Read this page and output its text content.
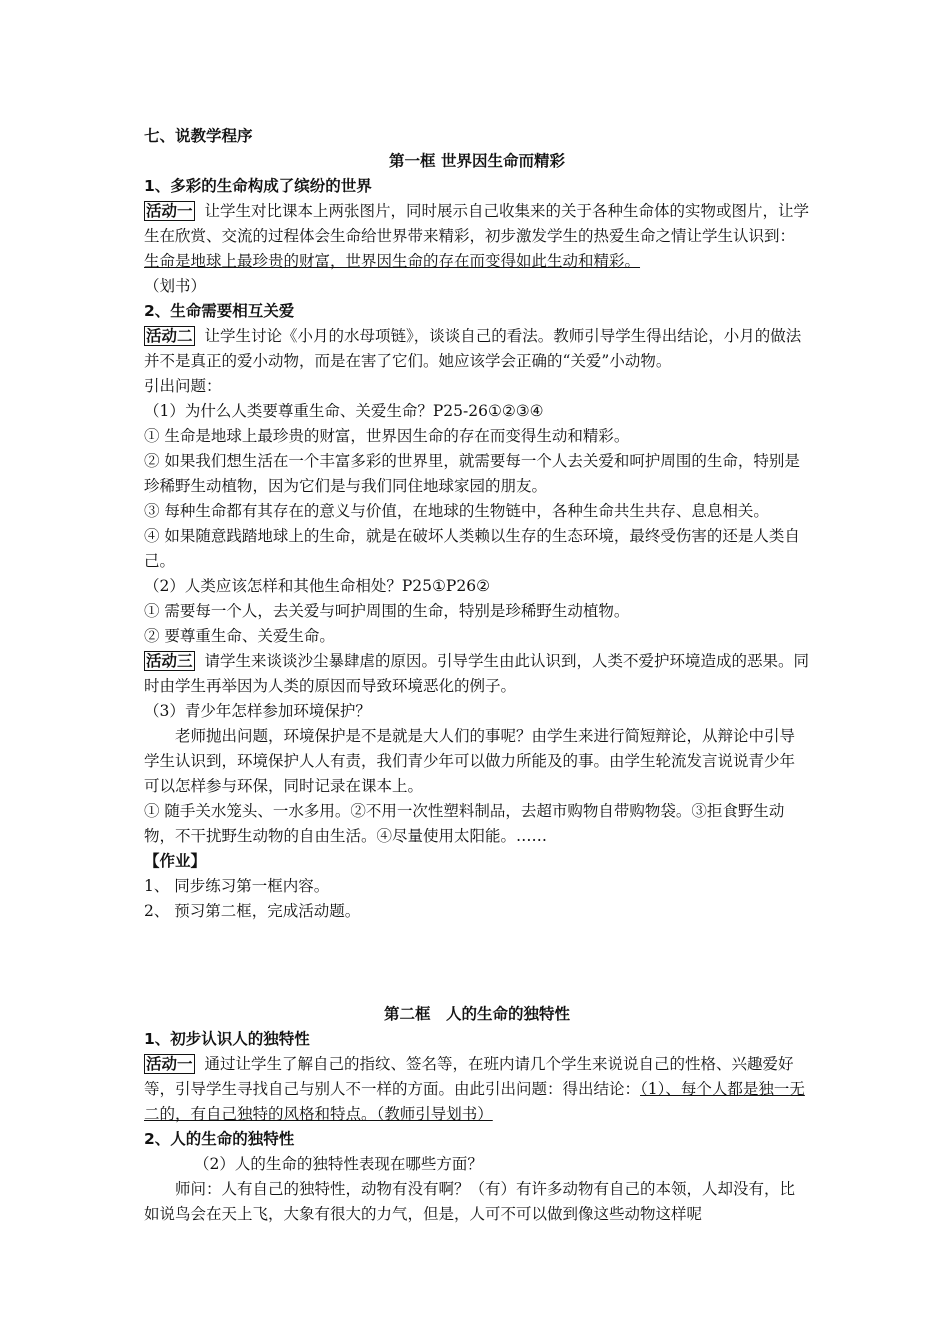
七、说教学程序

第一框 世界因生命而精彩

1、多彩的生命构成了缤纷的世界

活动一 让学生对比课本上两张图片，同时展示自己收集来的关于各种生命体的实物或图片，让学生在欣赏、交流的过程体会生命给世界带来精彩，初步激发学生的热爱生命之情让学生认识到：生命是地球上最珍贵的财富，世界因生命的存在而变得如此生动和精彩。

（划书）

2、生命需要相互关爱

活动二 让学生讨论《小月的水母项链》，谈谈自己的看法。教师引导学生得出结论，小月的做法并不是真正的爱小动物，而是在害了它们。她应该学会正确的“关爱”小动物。

引出问题：

（1）为什么人类要尊重生命、关爱生命？P25-26①②③④

① 生命是地球上最珍贵的财富，世界因生命的存在而变得生动和精彩。

② 如果我们想生活在一个丰富多彩的世界里，就需要每一个人去关爱和呵护周围的生命，特别是珍稀野生动植物，因为它们是与我们同住地球家园的朋友。

③ 每种生命都有其存在的意义与价值，在地球的生物链中，各种生命共生共存、息息相关。

④ 如果随意践踏地球上的生命，就是在破坏人类赖以生存的生态环境，最终受伤害的还是人类自己。

（2）人类应该怎样和其他生命相处？P25①P26②

① 需要每一个人，去关爱与呵护周围的生命，特别是珍稀野生动植物。

② 要尊重生命、关爱生命。

活动三 请学生来谈谈沙尘暴肆虐的原因。引导学生由此认识到，人类不爱护环境造成的恶果。同时由学生再举因为人类的原因而导致环境恶化的例子。

（3）青少年怎样参加环境保护？

老师抛出问题，环境保护是不是就是大人们的事呢？由学生来进行简短辩论，从辩论中引导学生认识到，环境保护人人有责，我们青少年可以做力所能及的事。由学生轮流发言说说青少年可以怎样参与环保，同时记录在课本上。

① 随手关水笼头、一水多用。②不用一次性塑料制品，去超市购物自带购物袋。③拒食野生动物，不干扰野生动物的自由生活。④尽量使用太阳能。……

【作业】

1、 同步练习第一框内容。

2、 预习第二框，完成活动题。

第二框　人的生命的独特性

1、初步认识人的独特性

活动一 通过让学生了解自己的指纹、签名等，在班内请几个学生来说说自己的性格、兴趣爱好等，引导学生寻找自己与别人不一样的方面。由此引出问题：得出结论：（1）、每个人都是独一无二的，有自己独特的风格和特点。（教师引导划书）

2、人的生命的独特性

（2）人的生命的独特性表现在哪些方面？

师问：人有自己的独特性，动物有没有啊？（有）有许多动物有自己的本领，人却没有，比如说鸟会在天上飞，大象有很大的力气，但是，人可不可以做到像这些动物这样呢
